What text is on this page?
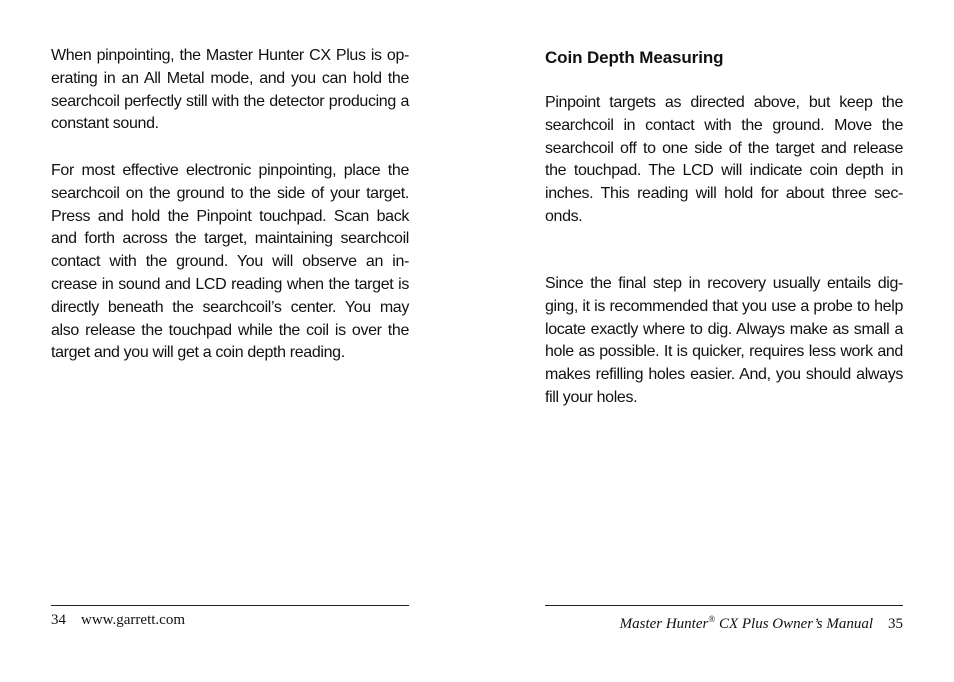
When pinpointing, the Master Hunter CX Plus is op-erating in an All Metal mode, and you can hold the searchcoil perfectly still with the detector producing a constant sound.

For most effective electronic pinpointing, place the searchcoil on the ground to the side of your target. Press and hold the Pinpoint touchpad. Scan back and forth across the target, maintaining searchcoil contact with the ground. You will observe an in-crease in sound and LCD reading when the target is directly beneath the searchcoil’s center. You may also release the touchpad while the coil is over the target and you will get a coin depth reading.

34 www.garrett.com
Coin Depth Measuring

Pinpoint targets as directed above, but keep the searchcoil in contact with the ground. Move the searchcoil off to one side of the target and release the touchpad. The LCD will indicate coin depth in inches. This reading will hold for about three sec-onds.

Since the final step in recovery usually entails dig-ging, it is recommended that you use a probe to help locate exactly where to dig. Always make as small a hole as possible. It is quicker, requires less work and makes refilling holes easier. And, you should always fill your holes.

Master Hunter® CX Plus Owner’s Manual 35
